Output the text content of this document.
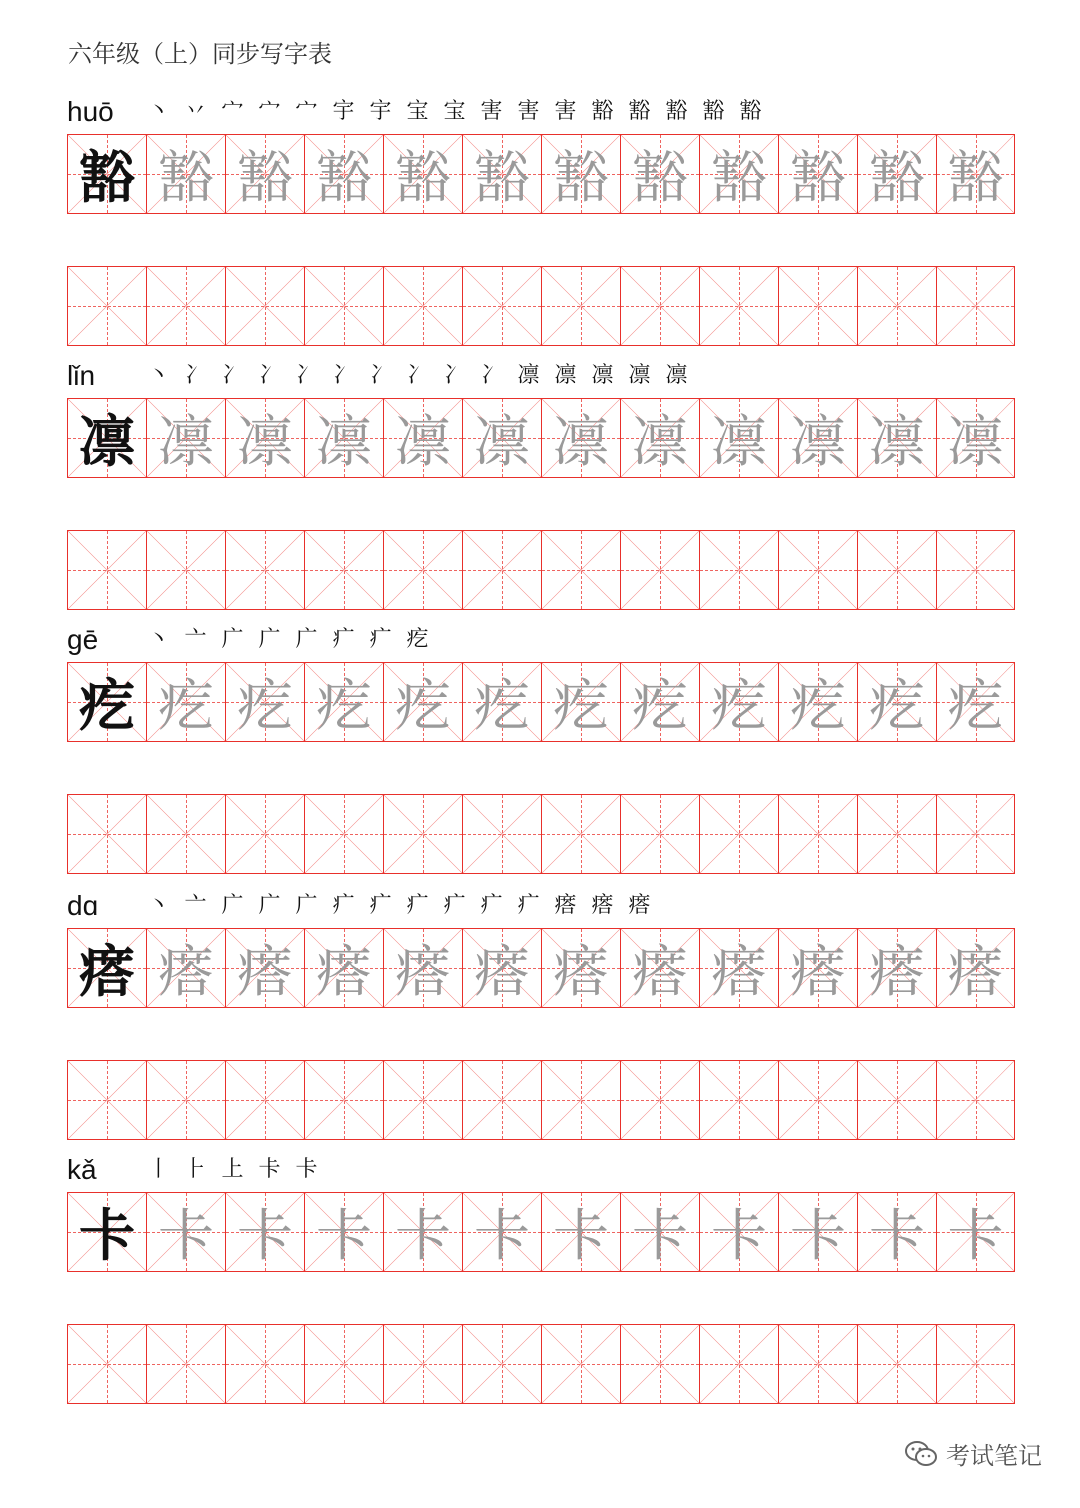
六年级（上）同步写字表
huō	丶 丷 宀 宀 宀 宇 宇 宝 宝 害 害 害 豁 豁 豁 豁 豁
豁 豁 豁 豁 豁 豁 豁 豁 豁 豁 豁 豁
lǐn	丶 冫 冫 冫 冫 冫 冫 冫 冫 冫 凛 凛 凛 凛 凛
凛 凛 凛 凛 凛 凛 凛 凛 凛 凛 凛 凛
gē	丶 亠 广 广 广 疒 疒 疙
疙 疙 疙 疙 疙 疙 疙 疙 疙 疙 疙 疙
dɑ	丶 亠 广 广 广 疒 疒 疒 疒 疒 疒 瘩 瘩 瘩
瘩 瘩 瘩 瘩 瘩 瘩 瘩 瘩 瘩 瘩 瘩 瘩
kǎ	丨 ⺊ 上 卡 卡
卡 卡 卡 卡 卡 卡 卡 卡 卡 卡 卡 卡
考试笔记
